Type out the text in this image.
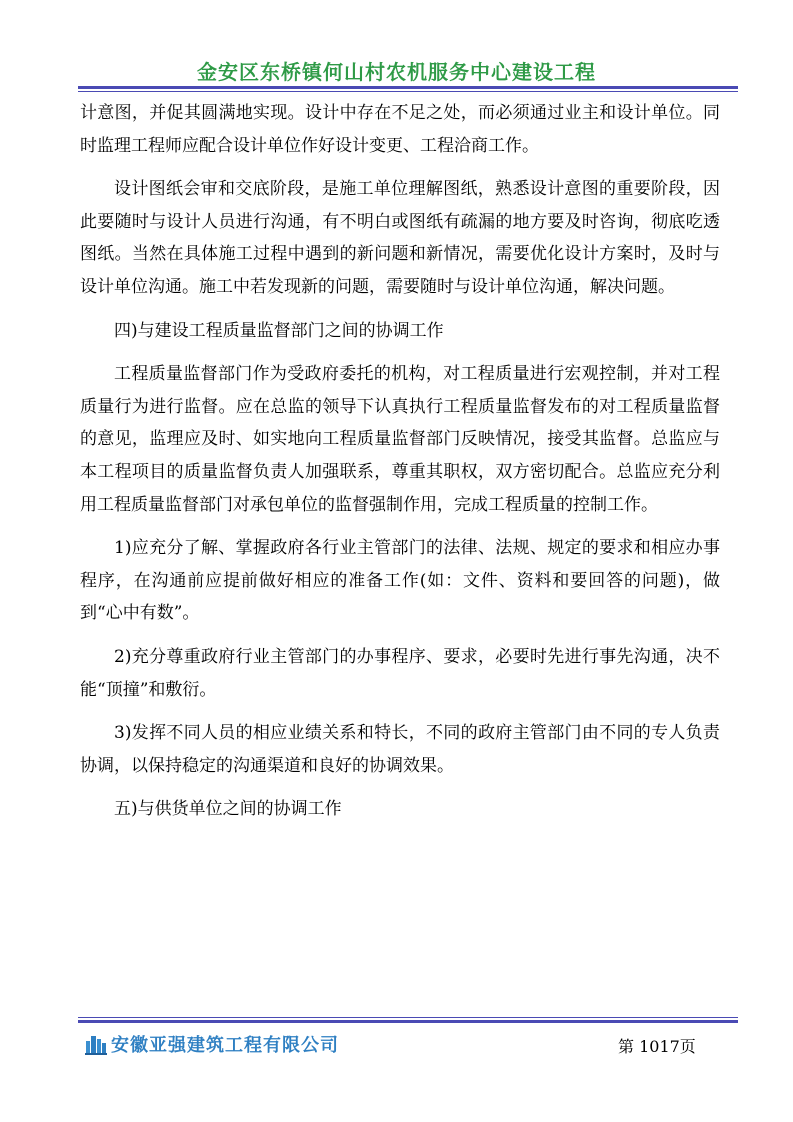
金安区东桥镇何山村农机服务中心建设工程

计意图，并促其圆满地实现。设计中存在不足之处，而必须通过业主和设计单位。同时监理工程师应配合设计单位作好设计变更、工程洽商工作。

设计图纸会审和交底阶段，是施工单位理解图纸，熟悉设计意图的重要阶段，因此要随时与设计人员进行沟通，有不明白或图纸有疏漏的地方要及时咨询，彻底吃透图纸。当然在具体施工过程中遇到的新问题和新情况，需要优化设计方案时，及时与设计单位沟通。施工中若发现新的问题，需要随时与设计单位沟通，解决问题。

四)与建设工程质量监督部门之间的协调工作

工程质量监督部门作为受政府委托的机构，对工程质量进行宏观控制，并对工程质量行为进行监督。应在总监的领导下认真执行工程质量监督发布的对工程质量监督的意见，监理应及时、如实地向工程质量监督部门反映情况，接受其监督。总监应与本工程项目的质量监督负责人加强联系，尊重其职权，双方密切配合。总监应充分利用工程质量监督部门对承包单位的监督强制作用，完成工程质量的控制工作。

1)应充分了解、掌握政府各行业主管部门的法律、法规、规定的要求和相应办事程序，在沟通前应提前做好相应的准备工作(如：文件、资料和要回答的问题)，做到“心中有数”。

2)充分尊重政府行业主管部门的办事程序、要求，必要时先进行事先沟通，决不能“顶撞”和敷衍。

3)发挥不同人员的相应业绩关系和特长，不同的政府主管部门由不同的专人负责协调，以保持稳定的沟通渠道和良好的协调效果。

五)与供货单位之间的协调工作

安徽亚强建筑工程有限公司	第 1017页
